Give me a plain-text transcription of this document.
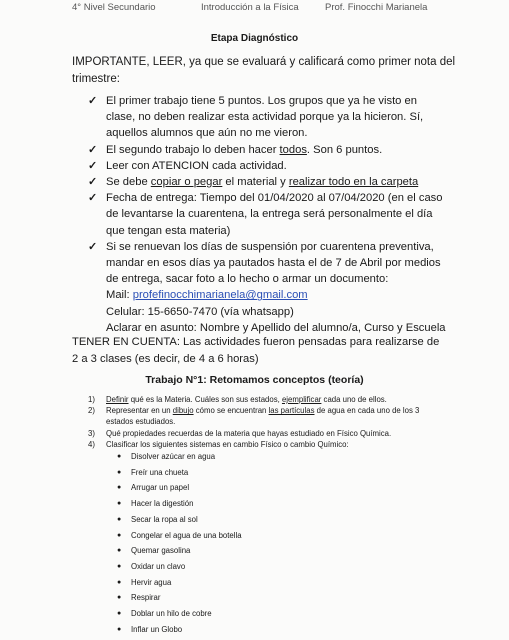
4° Nivel Secundario	Introducción a la Física	Prof. Finocchi Marianela
Etapa Diagnóstico
IMPORTANTE, LEER, ya que se evaluará y calificará como primer nota del trimestre:
✓ El primer trabajo tiene 5 puntos. Los grupos que ya he visto en clase, no deben realizar esta actividad porque ya la hicieron. Sí, aquellos alumnos que aún no me vieron.
✓ El segundo trabajo lo deben hacer todos. Son 6 puntos.
✓ Leer con ATENCION cada actividad.
✓ Se debe copiar o pegar el material y realizar todo en la carpeta
✓ Fecha de entrega: Tiempo del 01/04/2020 al 07/04/2020 (en el caso de levantarse la cuarentena, la entrega será personalmente el día que tengan esta materia)
✓ Si se renuevan los días de suspensión por cuarentena preventiva, mandar en esos días ya pautados hasta el de 7 de Abril por medios de entrega, sacar foto a lo hecho o armar un documento:
Mail: profefinocchimarianela@gmail.com
Celular: 15-6650-7470 (vía whatsapp)
Aclarar en asunto: Nombre y Apellido del alumno/a, Curso y Escuela
TENER EN CUENTA: Las actividades fueron pensadas para realizarse de 2 a 3 clases (es decir, de 4 a 6 horas)
Trabajo N°1: Retomamos conceptos (teoría)
1) Definir qué es la Materia. Cuáles son sus estados, ejemplificar cada uno de ellos.
2) Representar en un dibujo cómo se encuentran las partículas de agua en cada uno de los 3 estados estudiados.
3) Qué propiedades recuerdas de la materia que hayas estudiado en Físico Química.
4) Clasificar los siguientes sistemas en cambio Físico o cambio Químico:
● Disolver azúcar en agua
● Freír una chueta
● Arrugar un papel
● Hacer la digestión
● Secar la ropa al sol
● Congelar el agua de una botella
● Quemar gasolina
● Oxidar un clavo
● Hervir agua
● Respirar
● Doblar un hilo de cobre
● Inflar un Globo
